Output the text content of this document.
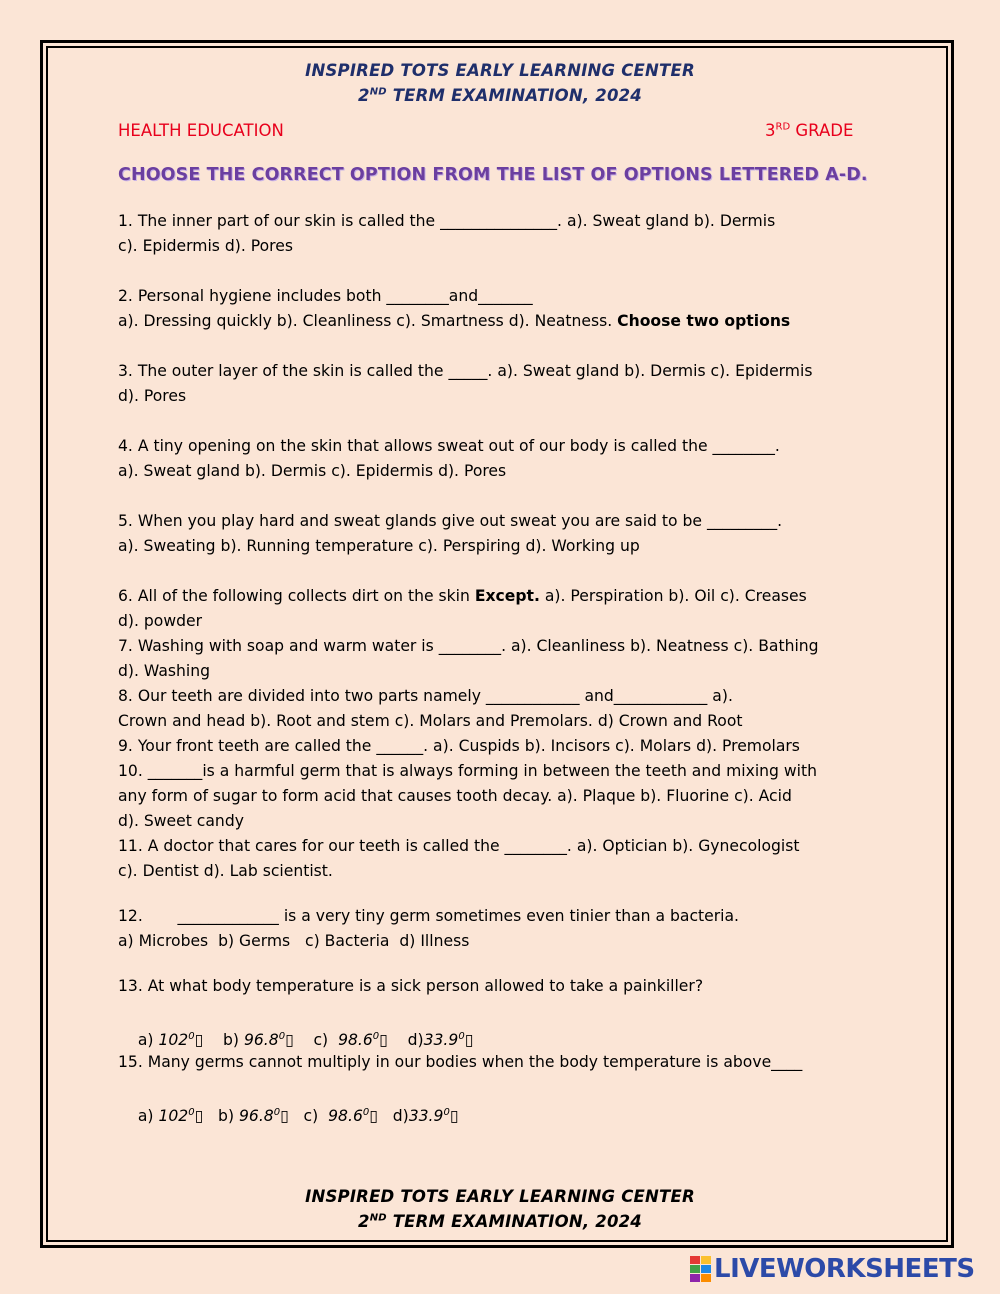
INSPIRED TOTS EARLY LEARNING CENTER
2ND TERM EXAMINATION, 2024
HEALTH EDUCATION	3RD GRADE
CHOOSE THE CORRECT OPTION FROM THE LIST OF OPTIONS LETTERED A-D.
1. The inner part of our skin is called the _______________. a). Sweat gland b). Dermis
c). Epidermis d). Pores
2. Personal hygiene includes both ________and_______
a). Dressing quickly b). Cleanliness c). Smartness d). Neatness. Choose two options
3. The outer layer of the skin is called the _____. a). Sweat gland b). Dermis c). Epidermis
d). Pores
4. A tiny opening on the skin that allows sweat out of our body is called the ________.
a). Sweat gland b). Dermis c). Epidermis d). Pores
5. When you play hard and sweat glands give out sweat you are said to be _________.
a). Sweating b). Running temperature c). Perspiring d). Working up
6. All of the following collects dirt on the skin Except. a). Perspiration b). Oil c). Creases
d). powder
7. Washing with soap and warm water is ________. a). Cleanliness b). Neatness c). Bathing
d). Washing
8. Our teeth are divided into two parts namely ____________ and____________ a).
Crown and head b). Root and stem c). Molars and Premolars. d) Crown and Root
9. Your front teeth are called the ______. a). Cuspids b). Incisors c). Molars d). Premolars
10. _______is a harmful germ that is always forming in between the teeth and mixing with
any form of sugar to form acid that causes tooth decay. a). Plaque b). Fluorine c). Acid
d). Sweet candy
11. A doctor that cares for our teeth is called the ________. a). Optician b). Gynecologist
c). Dentist d). Lab scientist.
12.       _____________ is a very tiny germ sometimes even tinier than a bacteria.
a) Microbes  b) Germs   c) Bacteria  d) Illness
13. At what body temperature is a sick person allowed to take a painkiller?

a) $102^0▯$    b) 96.8$^0$▯    c)  98.6$^0$▯    d)33.9$^0$▯

15. Many germs cannot multiply in our bodies when the body temperature is above____

a) $102^0▯$   b) 96.8$^0$▯   c)  98.6$^0$▯   d)33.9$^0$▯

INSPIRED TOTS EARLY LEARNING CENTER
2ND TERM EXAMINATION, 2024
LIVEWORKSHEETS
